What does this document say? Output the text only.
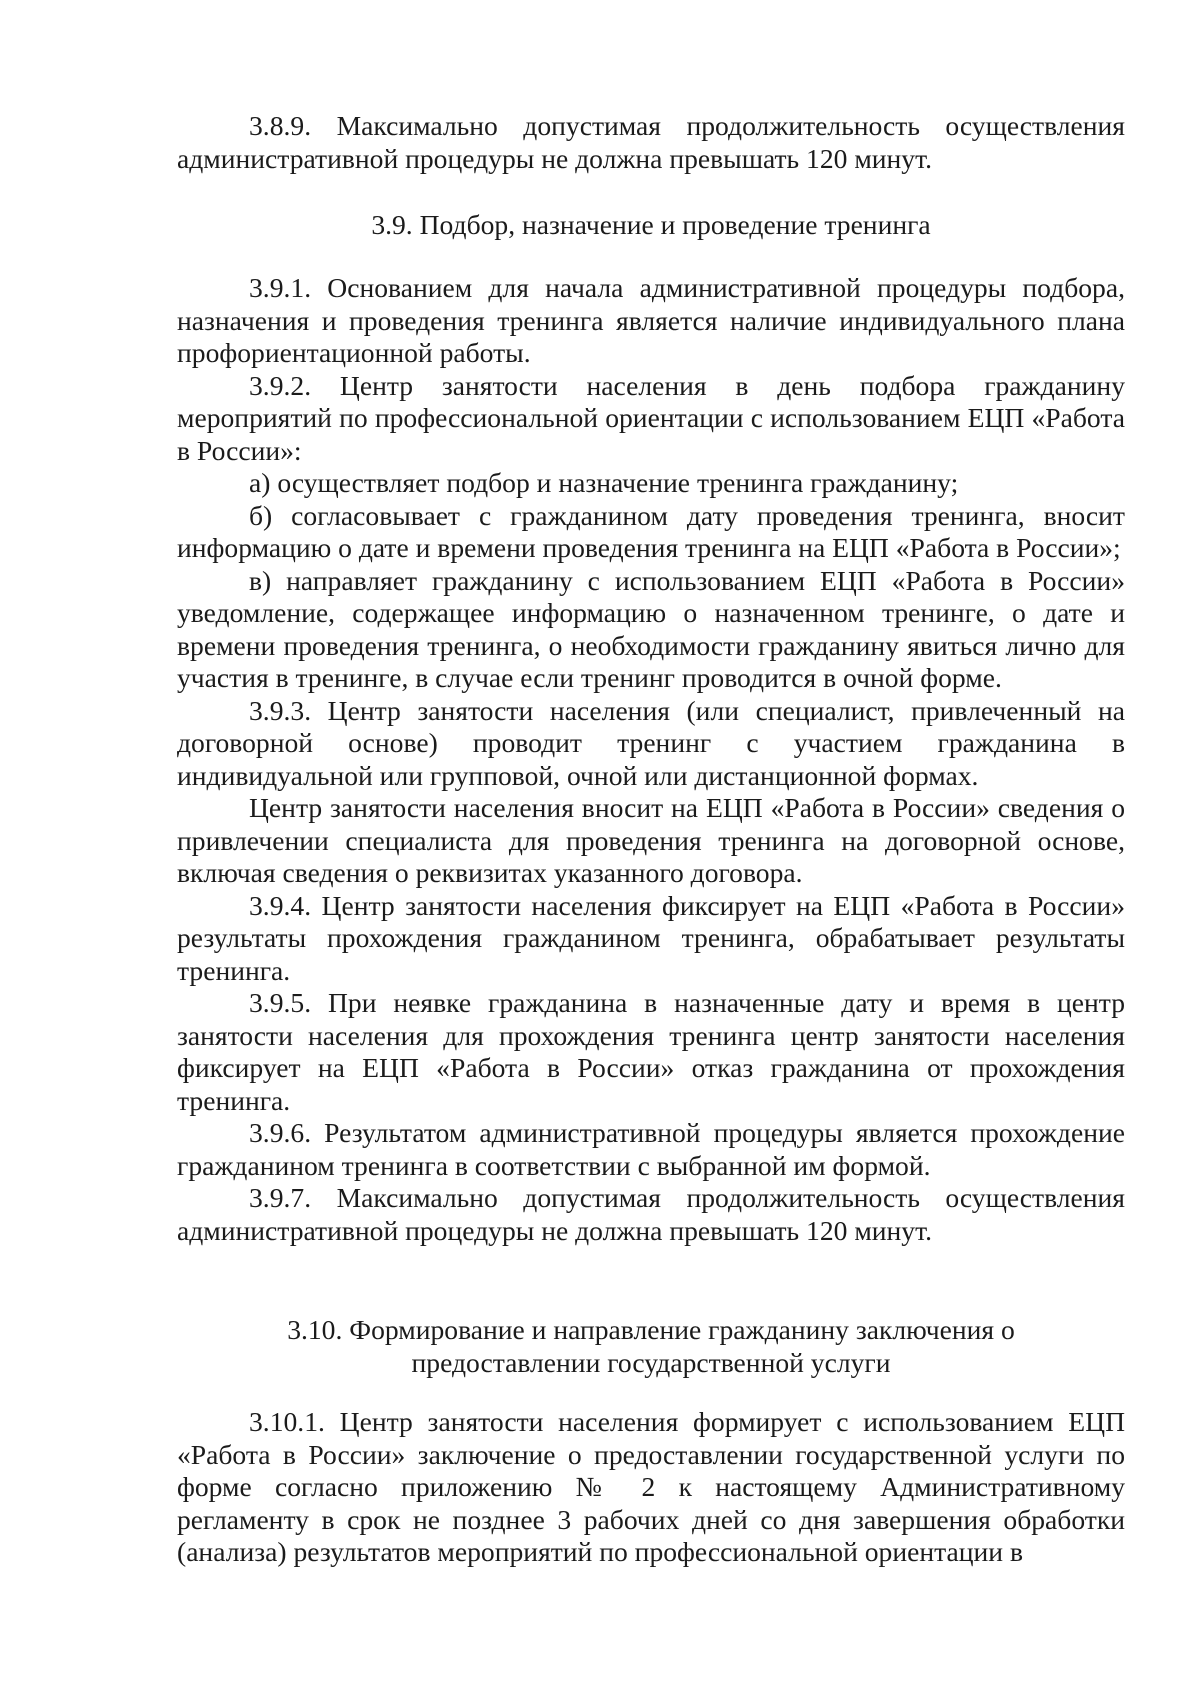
3.8.9. Максимально допустимая продолжительность осуществления административной процедуры не должна превышать 120 минут.

3.9. Подбор, назначение и проведение тренинга

3.9.1. Основанием для начала административной процедуры подбора, назначения и проведения тренинга является наличие индивидуального плана профориентационной работы.

3.9.2. Центр занятости населения в день подбора гражданину мероприятий по профессиональной ориентации с использованием ЕЦП «Работа в России»:

а) осуществляет подбор и назначение тренинга гражданину;

б) согласовывает с гражданином дату проведения тренинга, вносит информацию о дате и времени проведения тренинга на ЕЦП «Работа в России»;

в) направляет гражданину с использованием ЕЦП «Работа в России» уведомление, содержащее информацию о назначенном тренинге, о дате и времени проведения тренинга, о необходимости гражданину явиться лично для участия в тренинге, в случае если тренинг проводится в очной форме.

3.9.3. Центр занятости населения (или специалист, привлеченный на договорной основе) проводит тренинг с участием гражданина в индивидуальной или групповой, очной или дистанционной формах.

Центр занятости населения вносит на ЕЦП «Работа в России» сведения о привлечении специалиста для проведения тренинга на договорной основе, включая сведения о реквизитах указанного договора.

3.9.4. Центр занятости населения фиксирует на ЕЦП «Работа в России» результаты прохождения гражданином тренинга, обрабатывает результаты тренинга.

3.9.5. При неявке гражданина в назначенные дату и время в центр занятости населения для прохождения тренинга центр занятости населения фиксирует на ЕЦП «Работа в России» отказ гражданина от прохождения тренинга.

3.9.6. Результатом административной процедуры является прохождение гражданином тренинга в соответствии с выбранной им формой.

3.9.7. Максимально допустимая продолжительность осуществления административной процедуры не должна превышать 120 минут.

3.10. Формирование и направление гражданину заключения о

предоставлении государственной услуги

3.10.1. Центр занятости населения формирует с использованием ЕЦП «Работа в России» заключение о предоставлении государственной услуги по форме согласно приложению № 2 к настоящему Административному регламенту в срок не позднее 3 рабочих дней со дня завершения обработки (анализа) результатов мероприятий по профессиональной ориентации в
